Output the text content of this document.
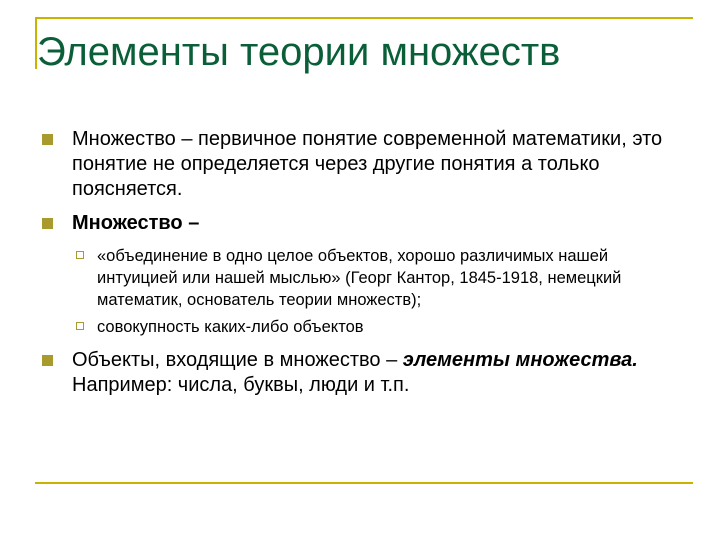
Элементы теории множеств
Множество – первичное понятие современной математики, это понятие не определяется через другие понятия а только поясняется.
Множество –
«объединение в одно целое объектов, хорошо различимых нашей интуицией или нашей мыслью» (Георг Кантор, 1845-1918, немецкий математик, основатель теории множеств);
совокупность каких-либо объектов
Объекты, входящие в множество – элементы множества. Например: числа, буквы, люди и т.п.
